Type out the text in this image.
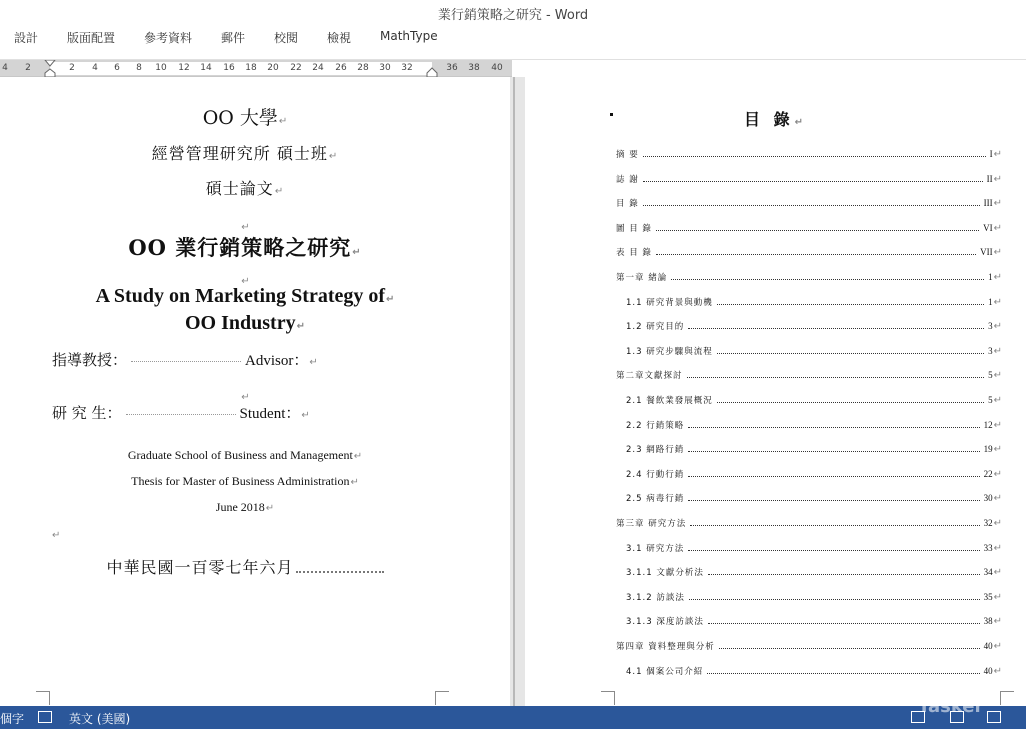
業行銷策略之研究 - Word
設計 版面配置 參考資料 郵件 校閱 檢視 MathType
4 2	2 4 6 8 10 12 14 16 18 20 22 24 26 28 30 32	36 38 40
OO 大學↵
經營管理研究所 碩士班↵
碩士論文↵
↵
OO 業行銷策略之研究↵
↵
A Study on Marketing Strategy of↵
OO Industry↵
指導教授：	Advisor：↵
↵
研 究 生：	Student：↵
Graduate School of Business and Management↵
Thesis for Master of Business Administration↵
June 2018↵
↵
中華民國一百零七年六月
目 錄↵
摘 要	I ↵
誌 謝	II ↵
目 錄	III ↵
圖 目 錄	VI ↵
表 目 錄	VII ↵
第一章 緒論	1 ↵
1.1 研究背景與動機	1 ↵
1.2 研究目的	3 ↵
1.3 研究步驟與流程	3 ↵
第二章文獻探討	5 ↵
2.1 餐飲業發展概況	5 ↵
2.2 行銷策略	12 ↵
2.3 網路行銷	19 ↵
2.4 行動行銷	22 ↵
2.5 病毒行銷	30 ↵
第三章 研究方法	32 ↵
3.1 研究方法	33 ↵
3.1.1 文獻分析法	34 ↵
3.1.2 訪談法	35 ↵
3.1.3 深度訪談法	38 ↵
第四章 資料整理與分析	40 ↵
4.1 個案公司介紹	40 ↵
個字	英文 (美國)
Tasker
